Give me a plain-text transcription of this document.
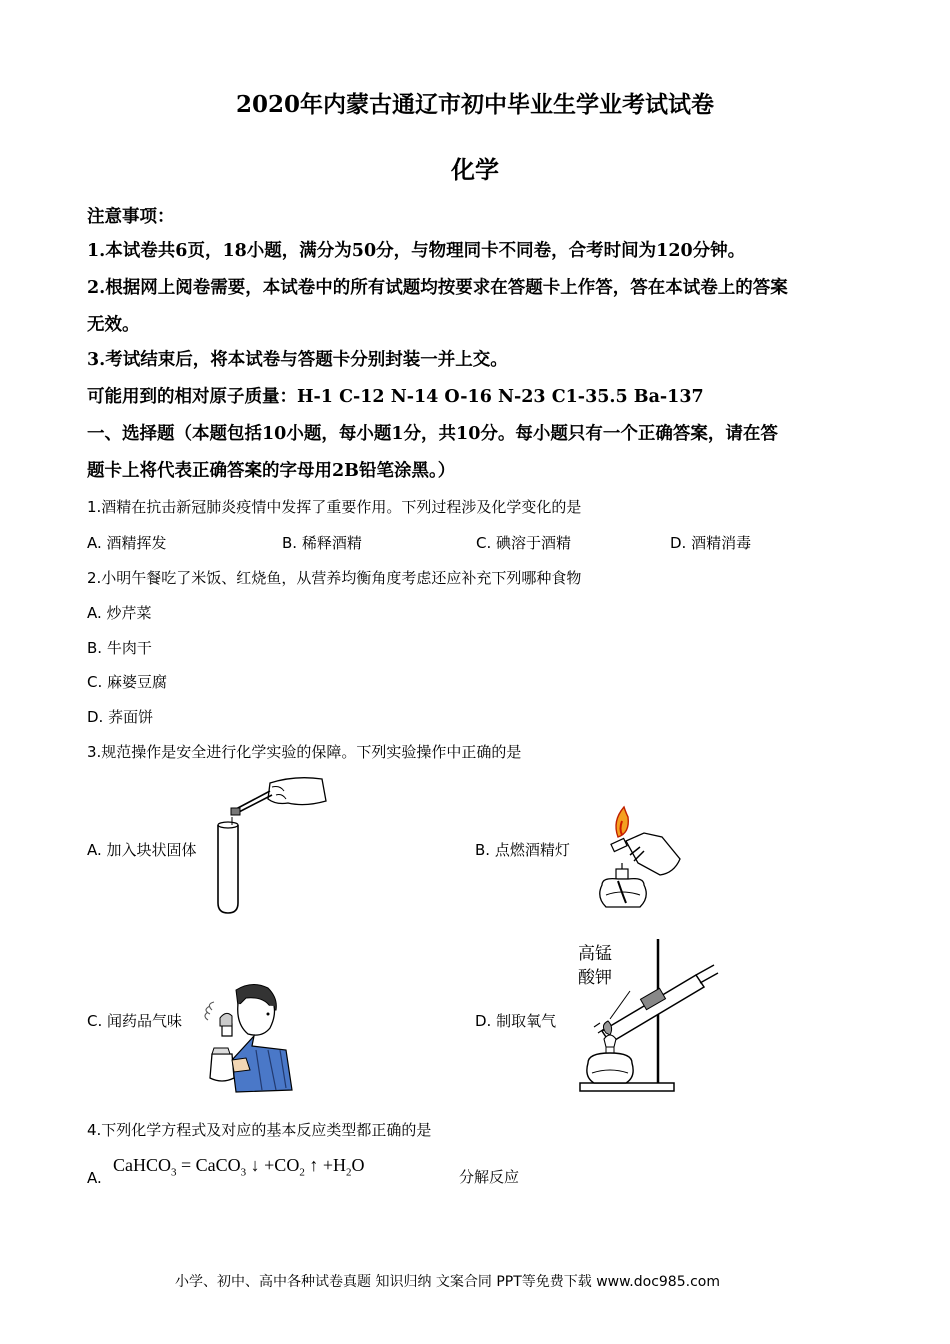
2020年内蒙古通辽市初中毕业生学业考试试卷
化学
注意事项：
1.本试卷共6页，18小题，满分为50分，与物理同卡不同卷，合考时间为120分钟。
2.根据网上阅卷需要，本试卷中的所有试题均按要求在答题卡上作答，答在本试卷上的答案
无效。
3.考试结束后，将本试卷与答题卡分别封装一并上交。
可能用到的相对原子质量：H-1 C-12 N-14 O-16 N-23 C1-35.5 Ba-137
一、选择题（本题包括10小题，每小题1分，共10分。每小题只有一个正确答案，请在答
题卡上将代表正确答案的字母用2B铅笔涂黑。）
1.酒精在抗击新冠肺炎疫情中发挥了重要作用。下列过程涉及化学变化的是
A. 酒精挥发	B. 稀释酒精	C. 碘溶于酒精	D. 酒精消毒
2.小明午餐吃了米饭、红烧鱼，从营养均衡角度考虑还应补充下列哪种食物
A. 炒芹菜
B. 牛肉干
C. 麻婆豆腐
D. 荞面饼
3.规范操作是安全进行化学实验的保障。下列实验操作中正确的是
A. 加入块状固体	B. 点燃酒精灯
C. 闻药品气味	D. 制取氧气
高锰
酸钾
4.下列化学方程式及对应的基本反应类型都正确的是
A.
CaHCO$_3$ = CaCO$_3$ ↓ $+CO_2$ ↑ $+H_2O$
分解反应
小学、初中、高中各种试卷真题 知识归纳 文案合同 PPT等免费下载 www.doc985.com
